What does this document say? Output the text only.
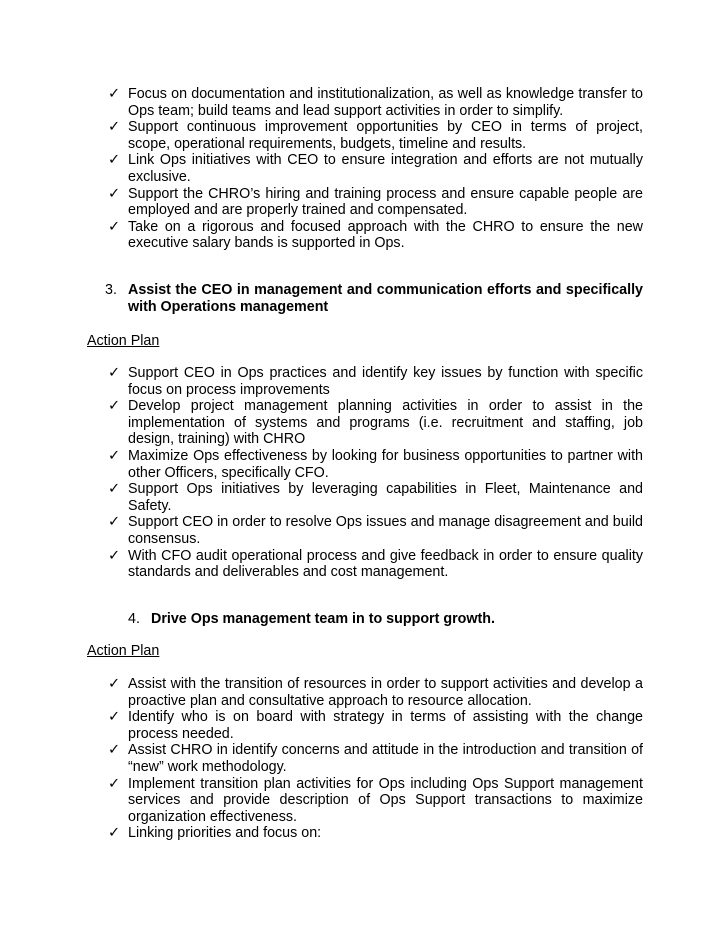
✓ Focus on documentation and institutionalization, as well as knowledge transfer to Ops team; build teams and lead support activities in order to simplify.
✓ Support continuous improvement opportunities by CEO in terms of project, scope, operational requirements, budgets, timeline and results.
✓ Link Ops initiatives with CEO to ensure integration and efforts are not mutually exclusive.
✓ Support the CHRO’s hiring and training process and ensure capable people are employed and are properly trained and compensated.
✓ Take on a rigorous and focused approach with the CHRO to ensure the new executive salary bands is supported in Ops.
3. Assist the CEO in management and communication efforts and specifically with Operations management
Action Plan
✓ Support CEO in Ops practices and identify key issues by function with specific focus on process improvements
✓ Develop project management planning activities in order to assist in the implementation of systems and programs (i.e. recruitment and staffing, job design, training) with CHRO
✓ Maximize Ops effectiveness by looking for business opportunities to partner with other Officers, specifically CFO.
✓ Support Ops initiatives by leveraging capabilities in Fleet, Maintenance and Safety.
✓ Support CEO in order to resolve Ops issues and manage disagreement and build consensus.
✓ With CFO audit operational process and give feedback in order to ensure quality standards and deliverables and cost management.
4. Drive Ops management team in to support growth.
Action Plan
✓ Assist with the transition of resources in order to support activities and develop a proactive plan and consultative approach to resource allocation.
✓ Identify who is on board with strategy in terms of assisting with the change process needed.
✓ Assist CHRO in identify concerns and attitude in the introduction and transition of “new” work methodology.
✓ Implement transition plan activities for Ops including Ops Support management services and provide description of Ops Support transactions to maximize organization effectiveness.
✓ Linking priorities and focus on:
